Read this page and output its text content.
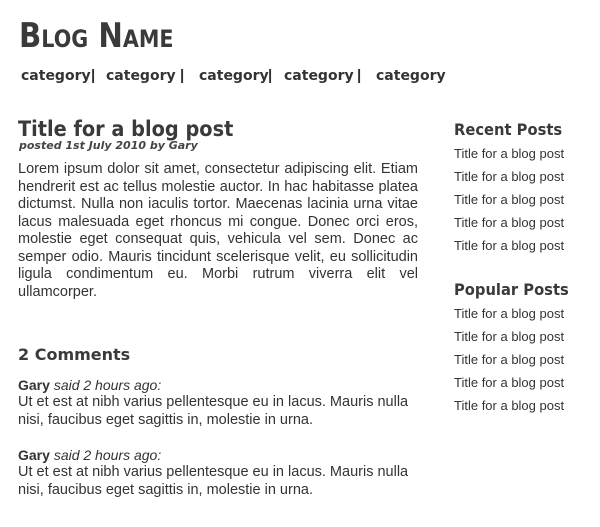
Blog Name
category | category | category | category | category
Title for a blog post
posted 1st July 2010 by Gary

Lorem ipsum dolor sit amet, consectetur adipiscing elit. Etiam hendrerit est ac tellus molestie auctor. In hac habitasse platea dictumst. Nulla non iaculis tortor. Maecenas lacinia urna vitae lacus malesuada eget rhoncus mi congue. Donec orci eros, molestie eget consequat quis, vehicula vel sem. Donec ac semper odio. Mauris tincidunt scelerisque velit, eu sollicitudin ligula condimentum eu. Morbi rutrum viverra elit vel ullamcorper.

2 Comments
Gary said 2 hours ago:

Ut et est at nibh varius pellentesque eu in lacus. Mauris nulla nisi, faucibus eget sagittis in, molestie in urna.

Gary said 2 hours ago:

Ut et est at nibh varius pellentesque eu in lacus. Mauris nulla nisi, faucibus eget sagittis in, molestie in urna.

Recent Posts
Title for a blog post
Title for a blog post
Title for a blog post
Title for a blog post
Title for a blog post
Popular Posts
Title for a blog post
Title for a blog post
Title for a blog post
Title for a blog post
Title for a blog post
